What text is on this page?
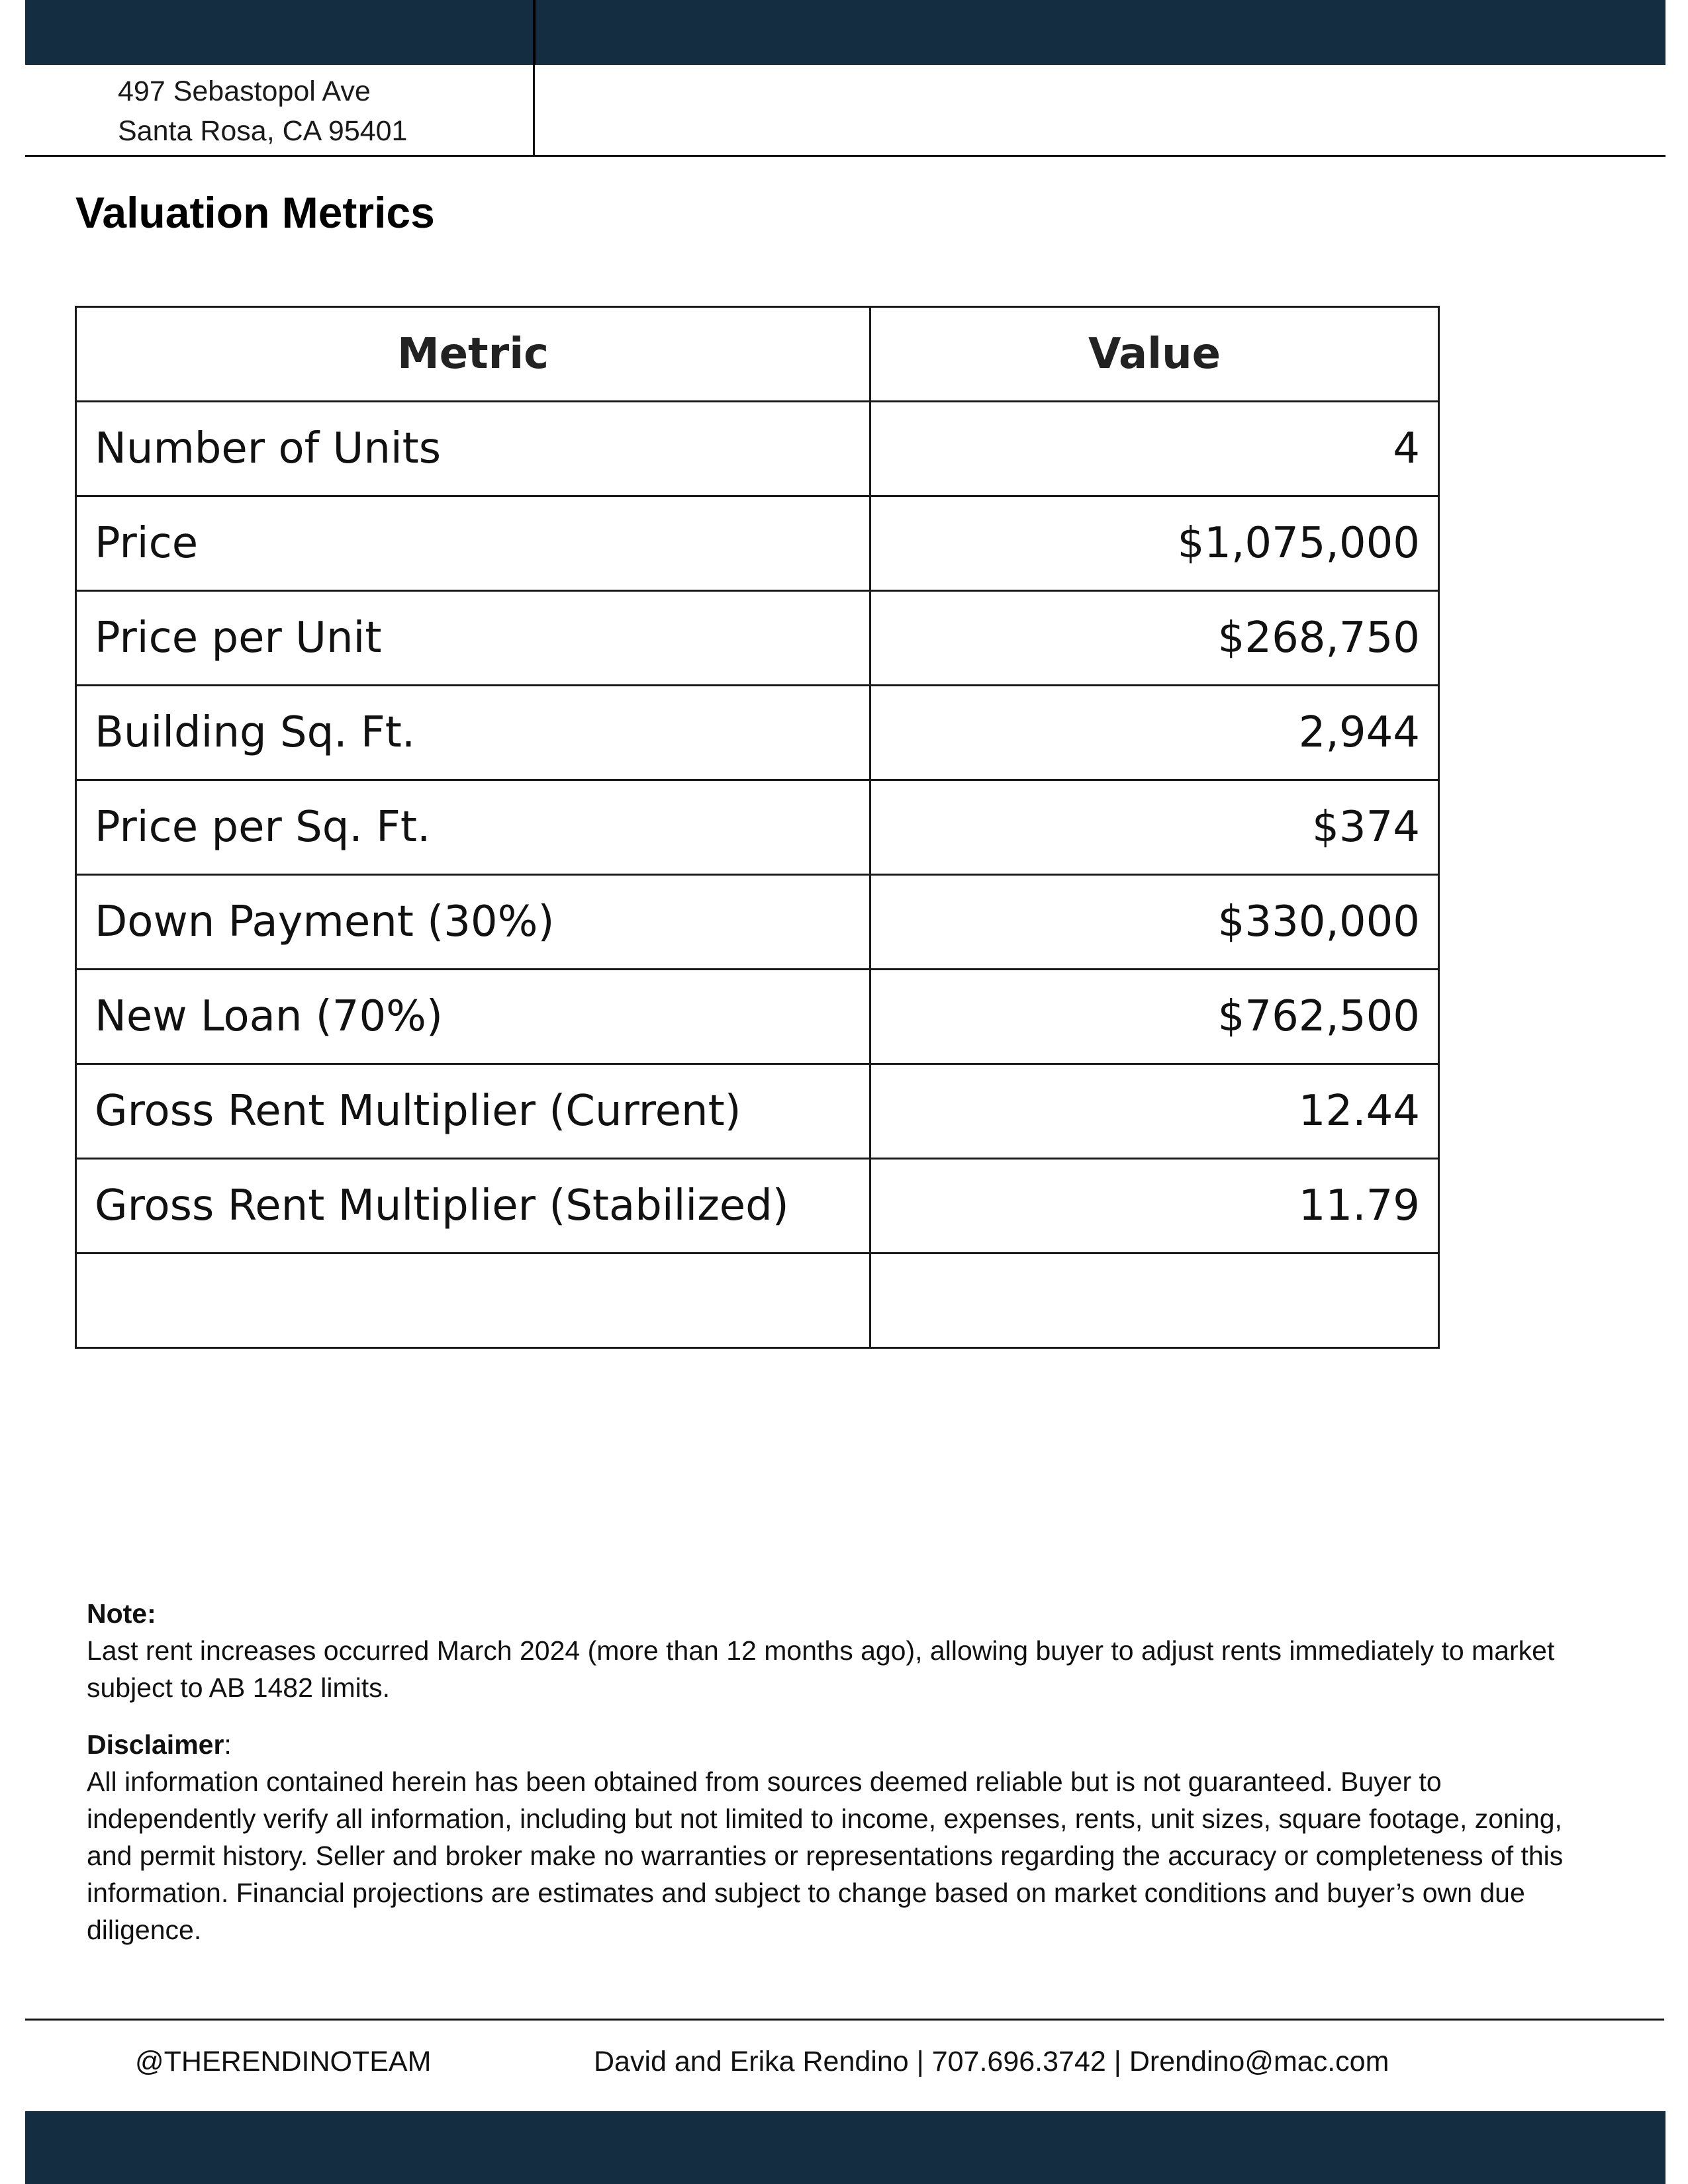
497 Sebastopol Ave
Santa Rosa, CA 95401
Valuation Metrics
Metric	Value
Number of Units	4
Price	$1,075,000
Price per Unit	$268,750
Building Sq. Ft.	2,944
Price per Sq. Ft.	$374
Down Payment (30%)	$330,000
New Loan (70%)	$762,500
Gross Rent Multiplier (Current)	12.44
Gross Rent Multiplier (Stabilized)	11.79

Note:

Last rent increases occurred March 2024 (more than 12 months ago), allowing buyer to adjust rents immediately to market subject to AB 1482 limits.

Disclaimer:

All information contained herein has been obtained from sources deemed reliable but is not guaranteed. Buyer to independently verify all information, including but not limited to income, expenses, rents, unit sizes, square footage, zoning, and permit history. Seller and broker make no warranties or representations regarding the accuracy or completeness of this information. Financial projections are estimates and subject to change based on market conditions and buyer’s own due diligence.

@THERENDINOTEAM	David and Erika Rendino | 707.696.3742 | Drendino@mac.com
